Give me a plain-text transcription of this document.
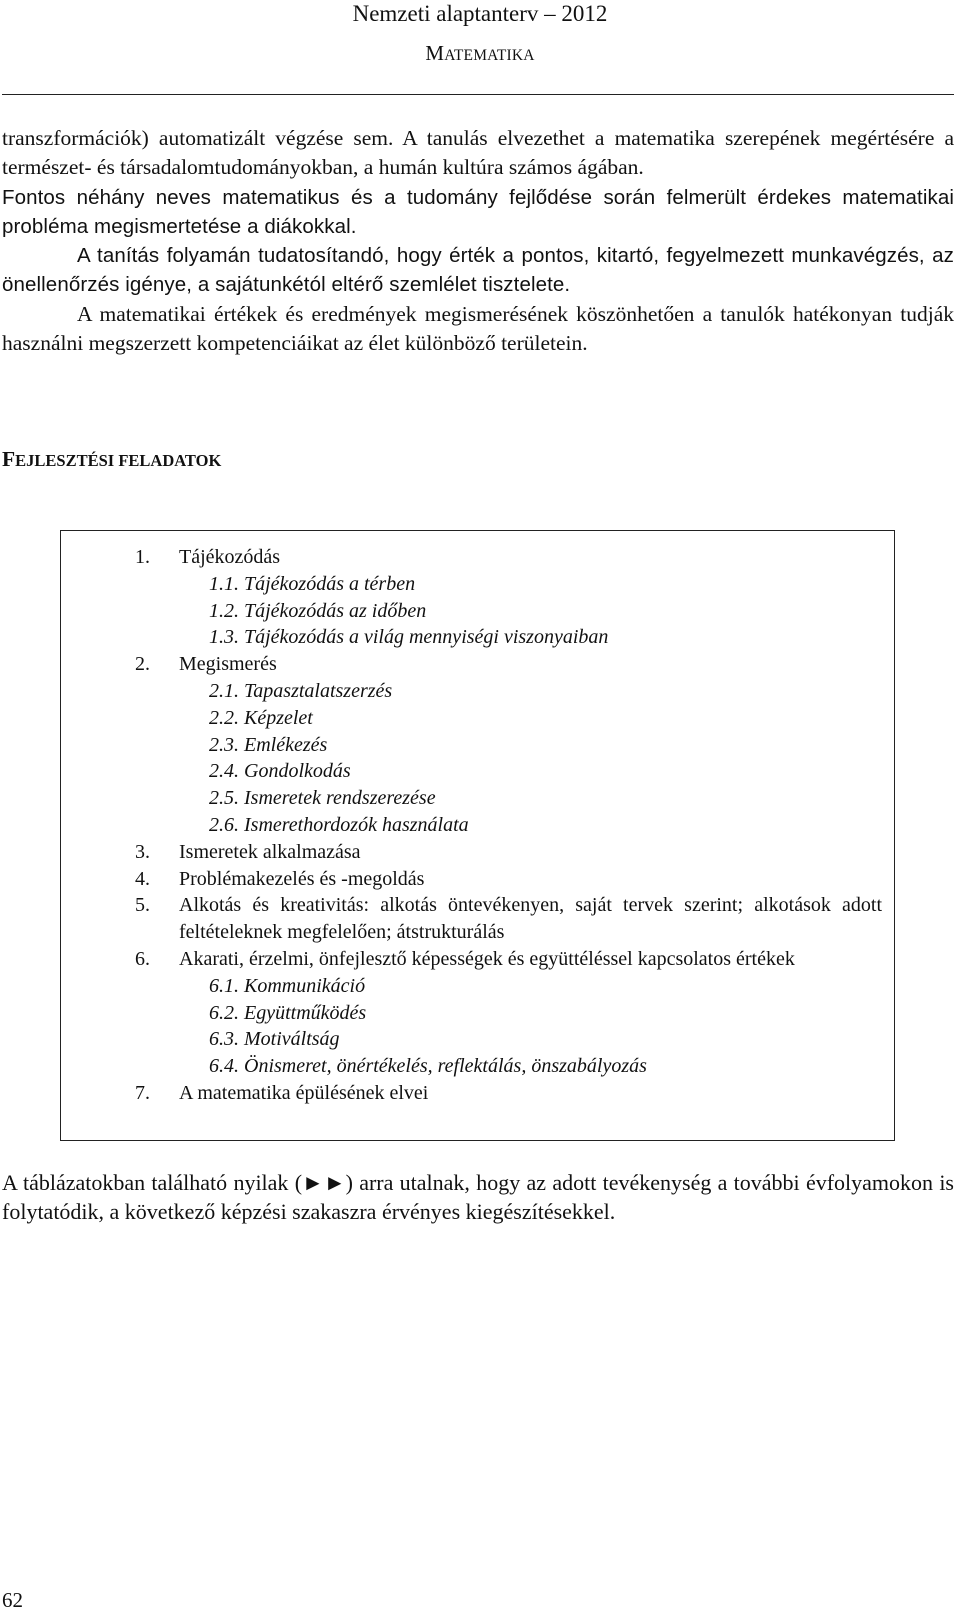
Nemzeti alaptanterv – 2012
MATEMATIKA

transzformációk) automatizált végzése sem. A tanulás elvezethet a matematika szerepének megértésére a természet- és társadalomtudományokban, a humán kultúra számos ágában.

Fontos néhány neves matematikus és a tudomány fejlődése során felmerült érdekes matematikai probléma megismertetése a diákokkal.

A tanítás folyamán tudatosítandó, hogy érték a pontos, kitartó, fegyelmezett munkavégzés, az önellenőrzés igénye, a sajátunkétól eltérő szemlélet tisztelete.

A matematikai értékek és eredmények megismerésének köszönhetően a tanulók hatékonyan tudják használni megszerzett kompetenciáikat az élet különböző területein.

FEJLESZTÉSI FELADATOK
1. Tájékozódás
1.1. Tájékozódás a térben
1.2. Tájékozódás az időben
1.3. Tájékozódás a világ mennyiségi viszonyaiban
2. Megismerés
2.1. Tapasztalatszerzés
2.2. Képzelet
2.3. Emlékezés
2.4. Gondolkodás
2.5. Ismeretek rendszerezése
2.6. Ismerethordozók használata
3. Ismeretek alkalmazása
4. Problémakezelés és -megoldás
5. Alkotás és kreativitás: alkotás öntevékenyen, saját tervek szerint; alkotások adott feltételeknek megfelelően; átstrukturálás
6. Akarati, érzelmi, önfejlesztő képességek és együttéléssel kapcsolatos értékek
6.1. Kommunikáció
6.2. Együttműködés
6.3. Motiváltság
6.4. Önismeret, önértékelés, reflektálás, önszabályozás
7. A matematika épülésének elvei
A táblázatokban található nyilak (►►) arra utalnak, hogy az adott tevékenység a további évfolyamokon is folytatódik, a következő képzési szakaszra érvényes kiegészítésekkel.
62
